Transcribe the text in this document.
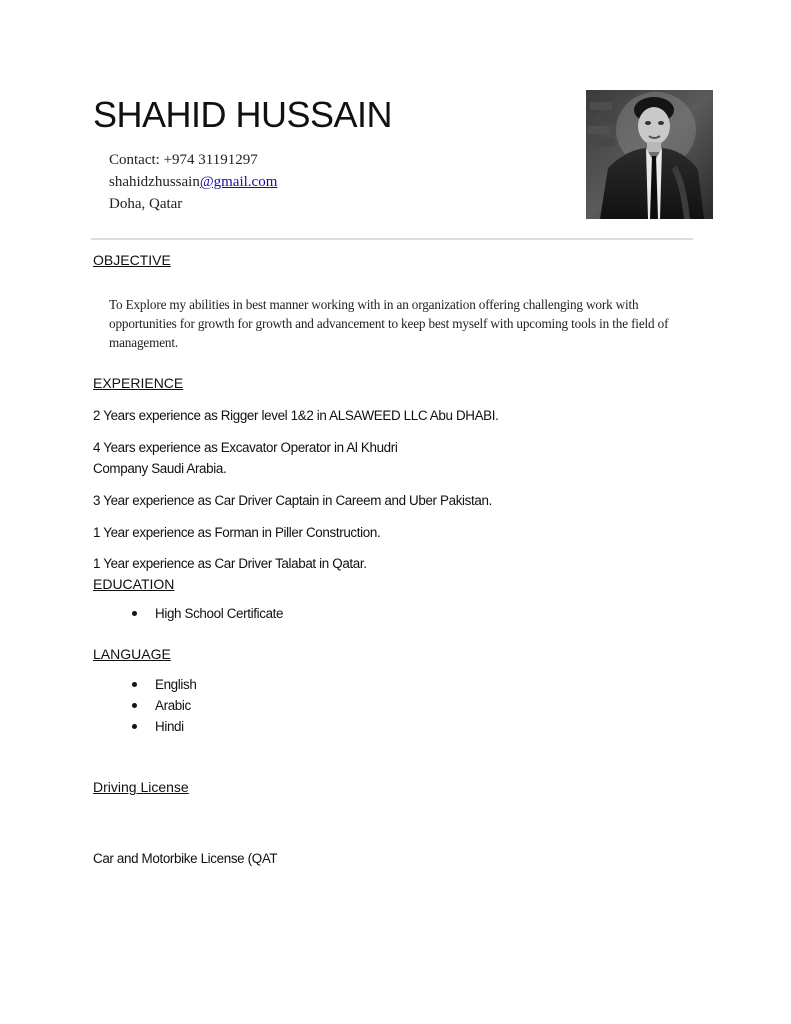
SHAHID HUSSAIN
Contact: +974 31191297
shahidzhussain@gmail.com
Doha, Qatar
OBJECTIVE
To Explore my abilities in best manner working with in an organization offering challenging work with opportunities for growth for growth and advancement to keep best myself with upcoming tools in the field of management.
EXPERIENCE
2 Years experience as Rigger level 1&2 in ALSAWEED LLC Abu DHABI.
4 Years experience as Excavator Operator in Al Khudri Company Saudi Arabia.
3 Year experience as Car Driver Captain in Careem and Uber Pakistan.
1 Year experience as Forman in Piller Construction.
1 Year experience as Car Driver Talabat in Qatar.
EDUCATION
High School Certificate
LANGUAGE
English
Arabic
Hindi
Driving License
Car and Motorbike License (QAT
